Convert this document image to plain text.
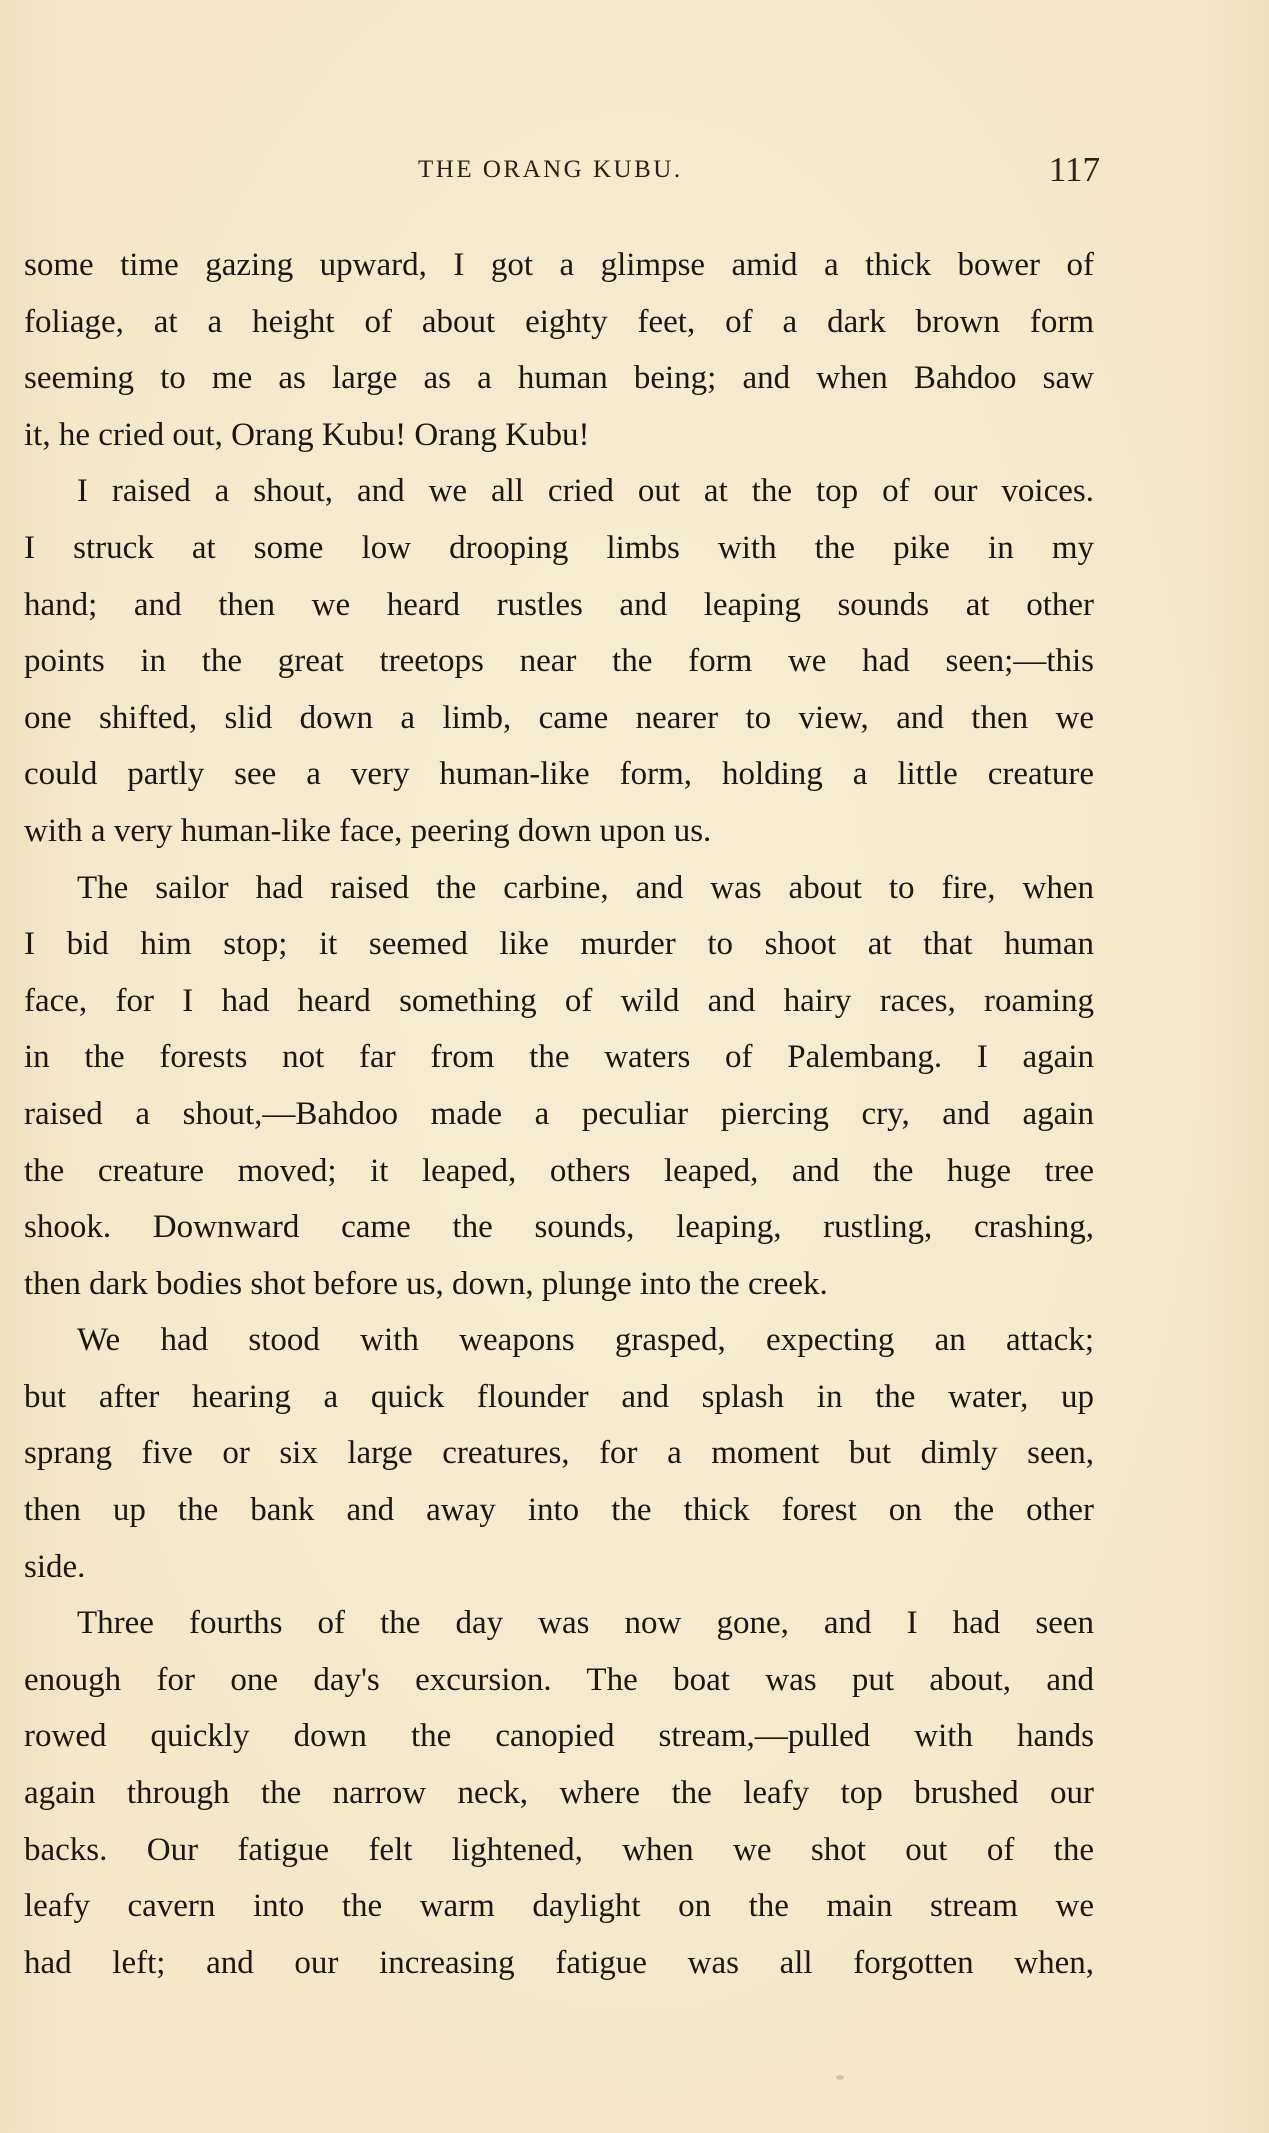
THE ORANG KUBU.	117
some time gazing upward, I got a glimpse amid a thick bower of
foliage, at a height of about eighty feet, of a dark brown form
seeming to me as large as a human being; and when Bahdoo saw
it, he cried out, Orang Kubu! Orang Kubu!
I raised a shout, and we all cried out at the top of our voices.
I struck at some low drooping limbs with the pike in my
hand; and then we heard rustles and leaping sounds at other
points in the great treetops near the form we had seen;—this
one shifted, slid down a limb, came nearer to view, and then we
could partly see a very human-like form, holding a little creature
with a very human-like face, peering down upon us.
The sailor had raised the carbine, and was about to fire, when
I bid him stop; it seemed like murder to shoot at that human
face, for I had heard something of wild and hairy races, roaming
in the forests not far from the waters of Palembang. I again
raised a shout,—Bahdoo made a peculiar piercing cry, and again
the creature moved; it leaped, others leaped, and the huge tree
shook. Downward came the sounds, leaping, rustling, crashing,
then dark bodies shot before us, down, plunge into the creek.
We had stood with weapons grasped, expecting an attack;
but after hearing a quick flounder and splash in the water, up
sprang five or six large creatures, for a moment but dimly seen,
then up the bank and away into the thick forest on the other
side.
Three fourths of the day was now gone, and I had seen
enough for one day's excursion. The boat was put about, and
rowed quickly down the canopied stream,—pulled with hands
again through the narrow neck, where the leafy top brushed our
backs. Our fatigue felt lightened, when we shot out of the
leafy cavern into the warm daylight on the main stream we
had left; and our increasing fatigue was all forgotten when,
